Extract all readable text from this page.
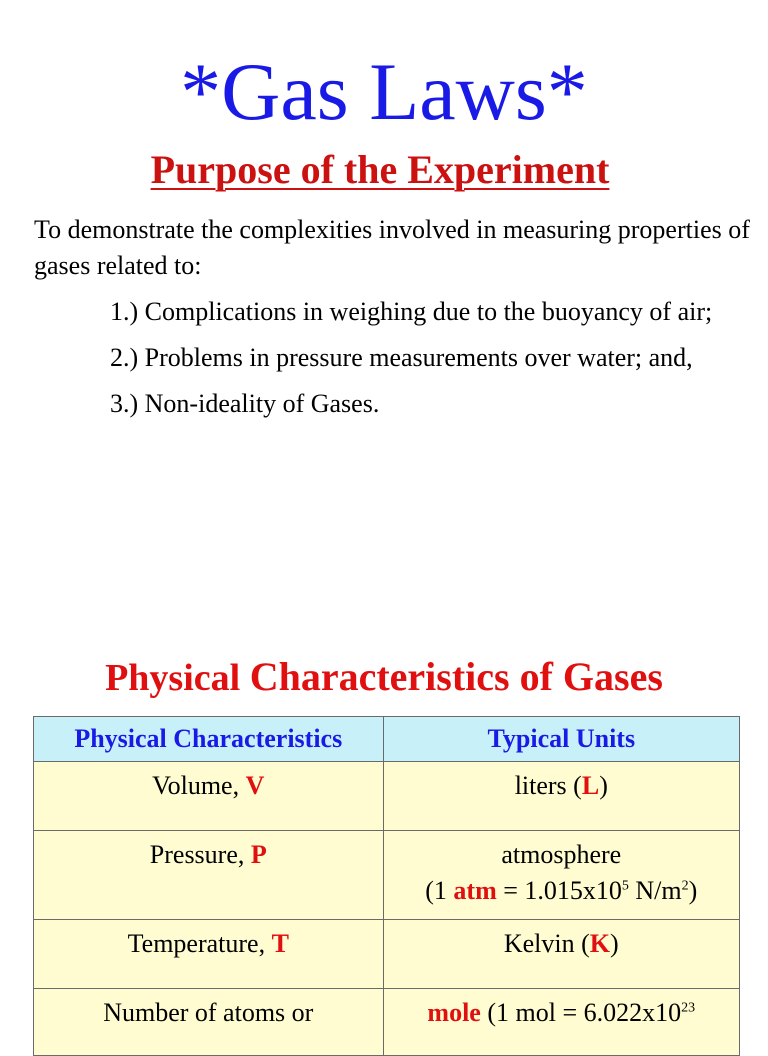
*Gas Laws*
Purpose of the Experiment
To demonstrate the complexities involved in measuring properties of gases related to:
1.) Complications in weighing due to the buoyancy of air;
2.) Problems in pressure measurements over water; and,
3.) Non-ideality of Gases.
Physical Characteristics of Gases
Physical Characteristics	Typical Units
Volume, V	liters (L)
Pressure, P	atmosphere
(1 atm = $1.015x10^5$ $N/m^2$)

Temperature, T	Kelvin (K)
Number of atoms or	mole (1 mol = $6.022x10^{23}$
